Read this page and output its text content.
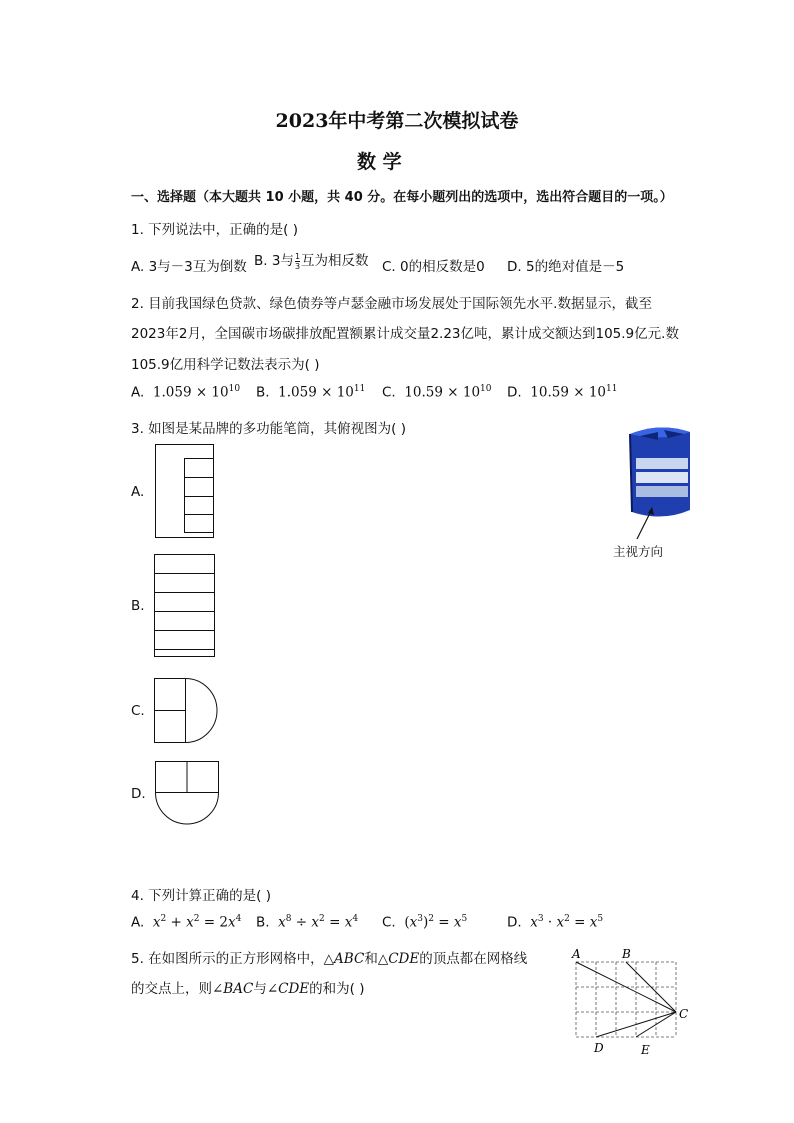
2023年中考第二次模拟试卷
数 学
一、选择题（本大题共 10 小题，共 40 分。在每小题列出的选项中，选出符合题目的一项。）
1. 下列说法中，正确的是( )
A. 3与－3互为倒数 B. 3与 $\frac{1}{3}$ 互为相反数 C. 0的相反数是0 D. 5的绝对值是－5
2. 目前我国绿色贷款、绿色债券等卢瑟金融市场发展处于国际领先水平.数据显示，截至
2023年2月，全国碳市场碳排放配置额累计成交量2.23亿吨，累计成交额达到105.9亿元.数
105.9亿用科学记数法表示为( )
A. $1.059 \times 10^{10}$ B. $1.059 \times 10^{11}$ C. $10.59 \times 10^{10}$ D. $10.59 \times 10^{11}$
3. 如图是某品牌的多功能笔筒，其俯视图为( )
主视方向
A.
B.
C.
D.
4. 下列计算正确的是( )
A. $x^2 + x^2 = 2x^4$ B. $x^8 \div x^2 = x^4$ C. $(x^3)^2 = x^5$	D. $x^3 \cdot x^2 = x^5$
5. 在如图所示的正方形网格中，△ABC和△CDE的顶点都在网格线
的交点上，则∠BAC与∠CDE的和为( )
A	B
C
D	E
